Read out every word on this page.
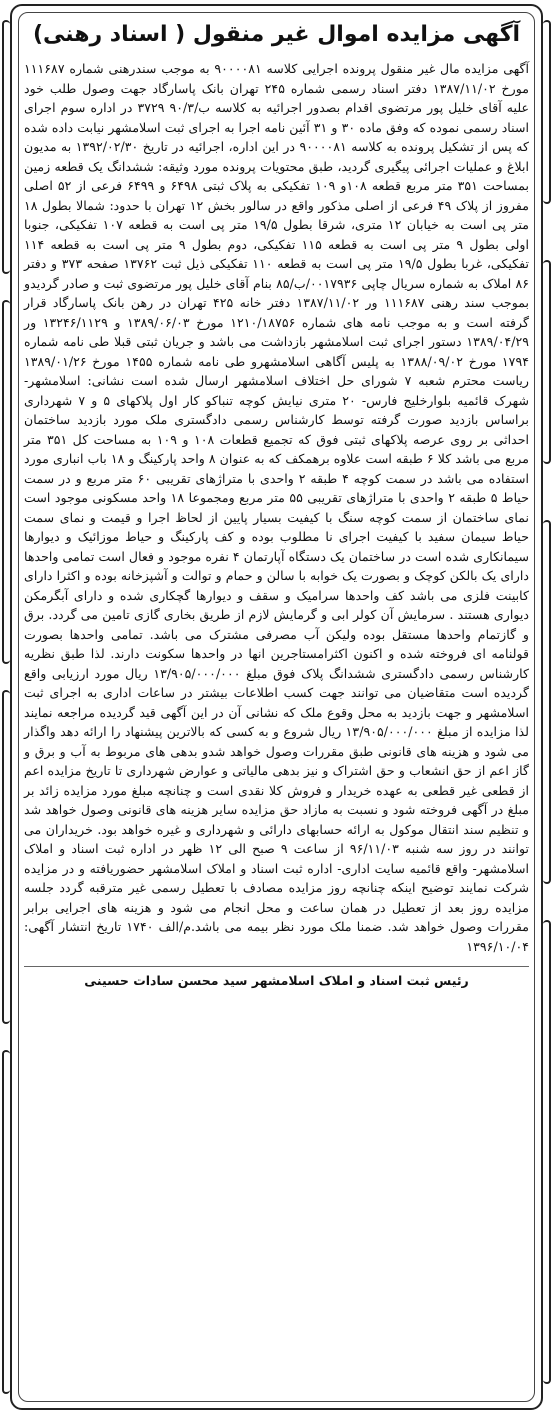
آگهی مزایده اموال غیر منقول ( اسناد رهنی)
آگهی مزایده مال غیر منقول پرونده اجرایی کلاسه ۹۰۰۰۰۸۱ به موجب سندرهنی شماره ۱۱۱۶۸۷ مورخ ۱۳۸۷/۱۱/۰۲ دفتر اسناد رسمی شماره ۲۴۵ تهران بانک پاسارگاد جهت وصول طلب خود علیه آقای خلیل پور مرتضوی اقدام بصدور اجرائیه به کلاسه ب/۹۰/۳ ۳۷۲۹ در اداره سوم اجرای اسناد رسمی نموده که وفق ماده ۳۰ و ۳۱ آئین نامه اجرا به اجرای ثبت اسلامشهر نیابت داده شده که پس از تشکیل پرونده به کلاسه ۹۰۰۰۰۸۱ در این اداره، اجرائیه در تاریخ ۱۳۹۲/۰۲/۳۰ به مدیون ابلاغ و عملیات اجرائی پیگیری گردید، طبق محتویات پرونده مورد وثیقه: ششدانگ یک قطعه زمین بمساحت ۳۵۱ متر مربع قطعه ۱۰۸و ۱۰۹ تفکیکی به پلاک ثبتی ۶۴۹۸ و ۶۴۹۹ فرعی از ۵۲ اصلی مفروز از پلاک ۴۹ فرعی از اصلی مذکور واقع در سالور بخش ۱۲ تهران با حدود: شمالا بطول ۱۸ متر پی است به خیابان ۱۲ متری، شرقا بطول ۱۹/۵ متر پی است به قطعه ۱۰۷ تفکیکی، جنوبا اولی بطول ۹ متر پی است به قطعه ۱۱۵ تفکیکی، دوم بطول ۹ متر پی است به قطعه ۱۱۴ تفکیکی، غربا بطول ۱۹/۵ متر پی است به قطعه ۱۱۰ تفکیکی ذیل ثبت ۱۳۷۶۲ صفحه ۳۷۳ و دفتر ۸۶ املاک به شماره سریال چاپی ۰۰۱۷۹۳۶/ب/۸۵ بنام آقای خلیل پور مرتضوی ثبت و صادر گردیدو بموجب سند رهنی ۱۱۱۶۸۷ ور ۱۳۸۷/۱۱/۰۲ دفتر خانه ۴۲۵ تهران در رهن بانک پاسارگاد قرار گرفته است و به موجب نامه های شماره ۱۲۱۰/۱۸۷۵۶ مورخ ۱۳۸۹/۰۶/۰۳ و ۱۳۲۴۶/۱۱۲۹ ور ۱۳۸۹/۰۴/۲۹ دستور اجرای ثبت اسلامشهر بازداشت می باشد و جریان ثبتی قبلا طی نامه شماره ۱۷۹۴ مورخ ۱۳۸۸/۰۹/۰۲ به پلیس آگاهی اسلامشهرو طی نامه شماره ۱۴۵۵ مورخ ۱۳۸۹/۰۱/۲۶ ریاست محترم شعبه ۷ شورای حل اختلاف اسلامشهر ارسال شده است نشانی: اسلامشهر- شهرک قائمیه بلوارخلیج فارس- ۲۰ متری نیایش کوچه تنباکو کار اول پلاکهای ۵ و ۷ شهرداری براساس بازدید صورت گرفته توسط کارشناس رسمی دادگستری ملک مورد بازدید ساختمان احداثی بر روی عرصه پلاکهای ثبتی فوق که تجمیع قطعات ۱۰۸ و ۱۰۹ به مساحت کل ۳۵۱ متر مربع می باشد کلا ۶ طبقه است علاوه برهمکف که به عنوان ۸ واحد پارکینگ و ۱۸ باب انباری مورد استفاده می باشد در سمت کوچه ۴ طبقه ۲ واحدی با متراژهای تقریبی ۶۰ متر مربع و در سمت حیاط ۵ طبقه ۲ واحدی با متراژهای تقریبی ۵۵ متر مربع ومجموعا ۱۸ واحد مسکونی موجود است نمای ساختمان از سمت کوچه سنگ با کیفیت بسیار پایین از لحاظ اجرا و قیمت و نمای سمت حیاط سیمان سفید با کیفیت اجرای نا مطلوب بوده و کف پارکینگ و حیاط موزائیک و دیوارها سیمانکاری شده است در ساختمان یک دستگاه آپارتمان ۴ نفره موجود و فعال است تمامی واحدها دارای یک بالکن کوچک و بصورت یک خوابه با سالن و حمام و توالت و آشپزخانه بوده و اکثرا دارای کابینت فلزی می باشد کف واحدها سرامیک و سقف و دیوارها گچکاری شده و دارای آبگرمکن دیواری هستند . سرمایش آن کولر ابی و گرمایش لازم از طریق بخاری گازی تامین می گردد. برق و گازتمام واحدها مستقل بوده ولیکن آب مصرفی مشترک می باشد. تمامی واحدها بصورت قولنامه ای فروخته شده و اکنون اکثرامستاجرین انها در واحدها سکونت دارند. لذا طبق نظریه کارشناس رسمی دادگستری ششدانگ پلاک فوق مبلغ ۱۳/۹۰۵/۰۰۰/۰۰۰ ریال مورد ارزیابی واقع گردیده است متقاضیان می توانند جهت کسب اطلاعات بیشتر در ساعات اداری به اجرای ثبت اسلامشهر و جهت بازدید به محل وقوع ملک که نشانی آن در این آگهی قید گردیده مراجعه نمایند لذا مزایده از مبلغ ۱۳/۹۰۵/۰۰۰/۰۰۰ ریال شروع و به کسی که بالاترین پیشنهاد را ارائه دهد واگذار می شود و هزینه های قانونی طبق مقررات وصول خواهد شدو بدهی های مربوط به آب و برق و گاز اعم از حق انشعاب و حق اشتراک و نیز بدهی مالیاتی و عوارض شهرداری تا تاریخ مزایده اعم از قطعی غیر قطعی به عهده خریدار و فروش کلا نقدی است و چنانچه مبلغ مورد مزایده زائد بر مبلغ در آگهی فروخته شود و نسبت به مازاد حق مزایده سایر هزینه های قانونی وصول خواهد شد و تنظیم سند انتقال موکول به ارائه حسابهای دارائی و شهرداری و غیره خواهد بود. خریداران می توانند در روز سه شنبه ۹۶/۱۱/۰۳ از ساعت ۹ صبح الی ۱۲ ظهر در اداره ثبت اسناد و املاک اسلامشهر- واقع قائمیه سایت اداری- اداره ثبت اسناد و املاک اسلامشهر حضوریافته و در مزایده شرکت نمایند توضیح اینکه چنانچه روز مزایده مصادف با تعطیل رسمی غیر مترقبه گردد جلسه مزایده روز بعد از تعطیل در همان ساعت و محل انجام می شود و هزینه های اجرایی برابر مقررات وصول خواهد شد. ضمنا ملک مورد نظر بیمه می باشد.م/الف ۱۷۴۰ تاریخ انتشار آگهی: ۱۳۹۶/۱۰/۰۴
رئیس ثبت اسناد و املاک اسلامشهر سید محسن سادات حسینی
